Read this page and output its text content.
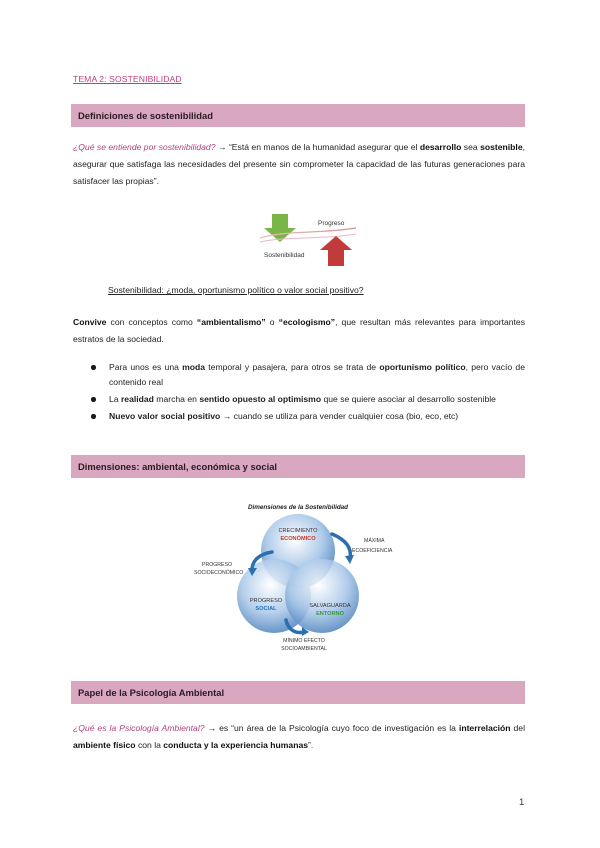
TEMA 2: SOSTENIBILIDAD
Definiciones de sostenibilidad
¿Qué se entiende por sostenibilidad? → “Está en manos de la humanidad asegurar que el desarrollo sea sostenible, asegurar que satisfaga las necesidades del presente sin comprometer la capacidad de las futuras generaciones para satisfacer las propias”.
Progreso
Sostenibilidad
Sostenibilidad: ¿moda, oportunismo político o valor social positivo?
Convive con conceptos como “ambientalismo” o “ecologismo”, que resultan más relevantes para importantes estratos de la sociedad.
Para unos es una moda temporal y pasajera, para otros se trata de oportunismo político, pero vacío de contenido real
La realidad marcha en sentido opuesto al optimismo que se quiere asociar al desarrollo sostenible
Nuevo valor social positivo → cuando se utiliza para vender cualquier cosa (bio, eco, etc)
Dimensiones: ambiental, económica y social
Dimensiones de la Sostenibilidad
CRECIMIENTO
ECONÓMICO
PROGRESO
SOCIAL	SALVAGUARDA
ENTORNO
PROGRESO
SOCIOECONÓMICO
MÁXIMA
ECOEFICIENCIA
MÍNIMO EFECTO
SOCIOAMBIENTAL
Papel de la Psicología Ambiental
¿Qué es la Psicología Ambiental? → es “un área de la Psicología cuyo foco de investigación es la interrelación del ambiente físico con la conducta y la experiencia humanas”.
1
